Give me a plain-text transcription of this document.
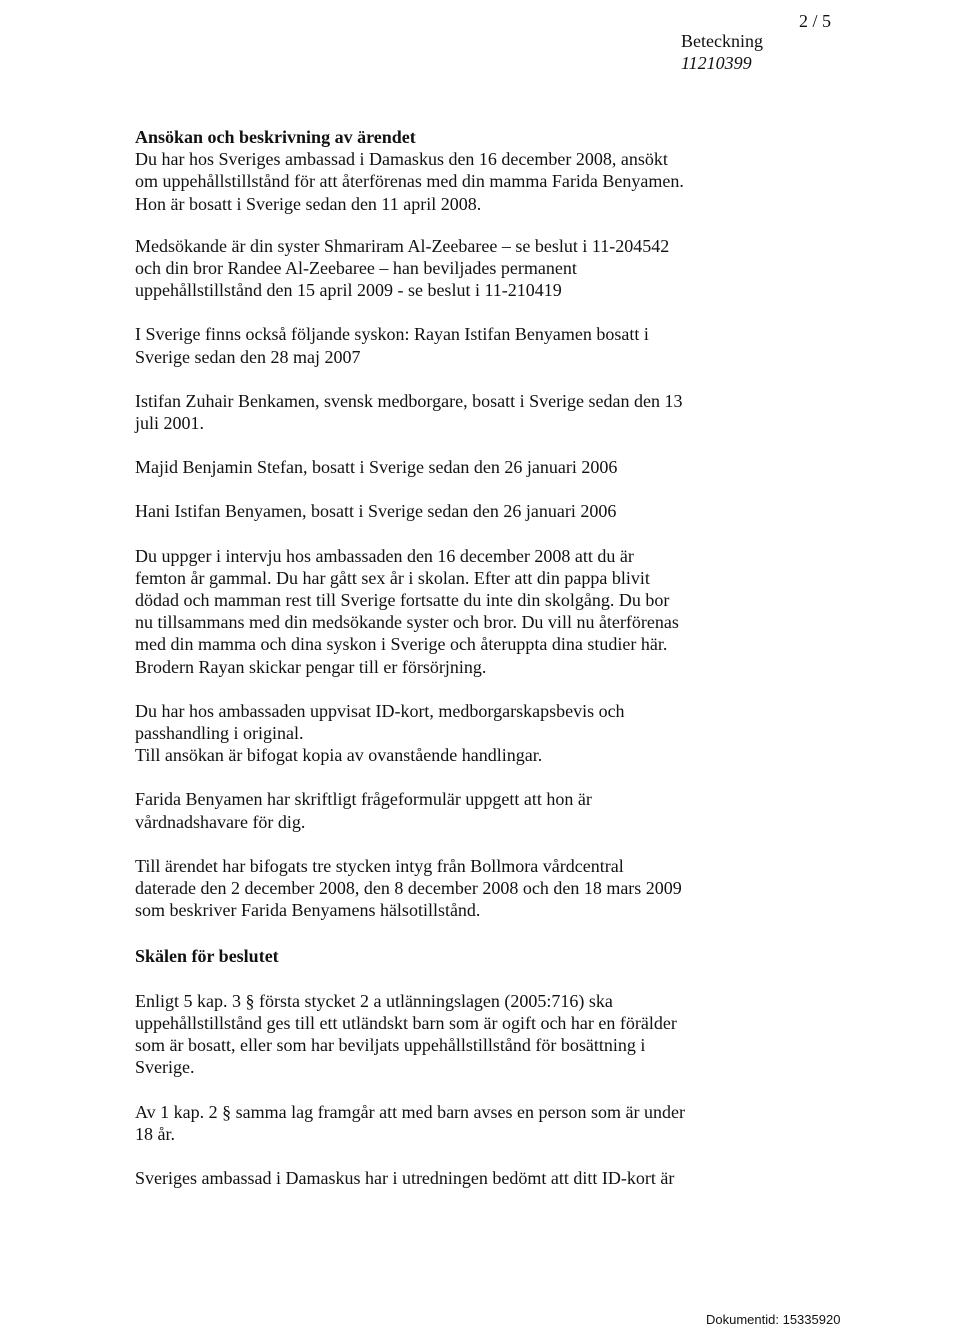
2 / 5
Beteckning
11210399
Ansökan och beskrivning av ärendet

Du har hos Sveriges ambassad i Damaskus den 16 december 2008, ansökt
om uppehållstillstånd för att återförenas med din mamma Farida Benyamen.
Hon är bosatt i Sverige sedan den 11 april 2008.

Medsökande är din syster Shmariram Al-Zeebaree – se beslut i 11-204542
och din bror Randee Al-Zeebaree – han beviljades permanent
uppehållstillstånd den 15 april 2009 - se beslut i 11-210419

I Sverige finns också följande syskon: Rayan Istifan Benyamen bosatt i
Sverige sedan den 28 maj 2007

Istifan Zuhair Benkamen, svensk medborgare, bosatt i Sverige sedan den 13
juli 2001.

Majid Benjamin Stefan, bosatt i Sverige sedan den 26 januari 2006

Hani Istifan Benyamen, bosatt i Sverige sedan den 26 januari 2006

Du uppger i intervju hos ambassaden den 16 december 2008 att du är
femton år gammal. Du har gått sex år i skolan. Efter att din pappa blivit
dödad och mamman rest till Sverige fortsatte du inte din skolgång. Du bor
nu tillsammans med din medsökande syster och bror. Du vill nu återförenas
med din mamma och dina syskon i Sverige och återuppta dina studier här.
Brodern Rayan skickar pengar till er försörjning.

Du har hos ambassaden uppvisat ID-kort, medborgarskapsbevis och
passhandling i original.
Till ansökan är bifogat kopia av ovanstående handlingar.

Farida Benyamen har skriftligt frågeformulär uppgett att hon är
vårdnadshavare för dig.

Till ärendet har bifogats tre stycken intyg från Bollmora vårdcentral
daterade den 2 december 2008, den 8 december 2008 och den 18 mars 2009
som beskriver Farida Benyamens hälsotillstånd.

Skälen för beslutet

Enligt 5 kap. 3 § första stycket 2 a utlänningslagen (2005:716) ska
uppehållstillstånd ges till ett utländskt barn som är ogift och har en förälder
som är bosatt, eller som har beviljats uppehållstillstånd för bosättning i
Sverige.

Av 1 kap. 2 § samma lag framgår att med barn avses en person som är under
18 år.

Sveriges ambassad i Damaskus har i utredningen bedömt att ditt ID-kort är

Dokumentid: 15335920
